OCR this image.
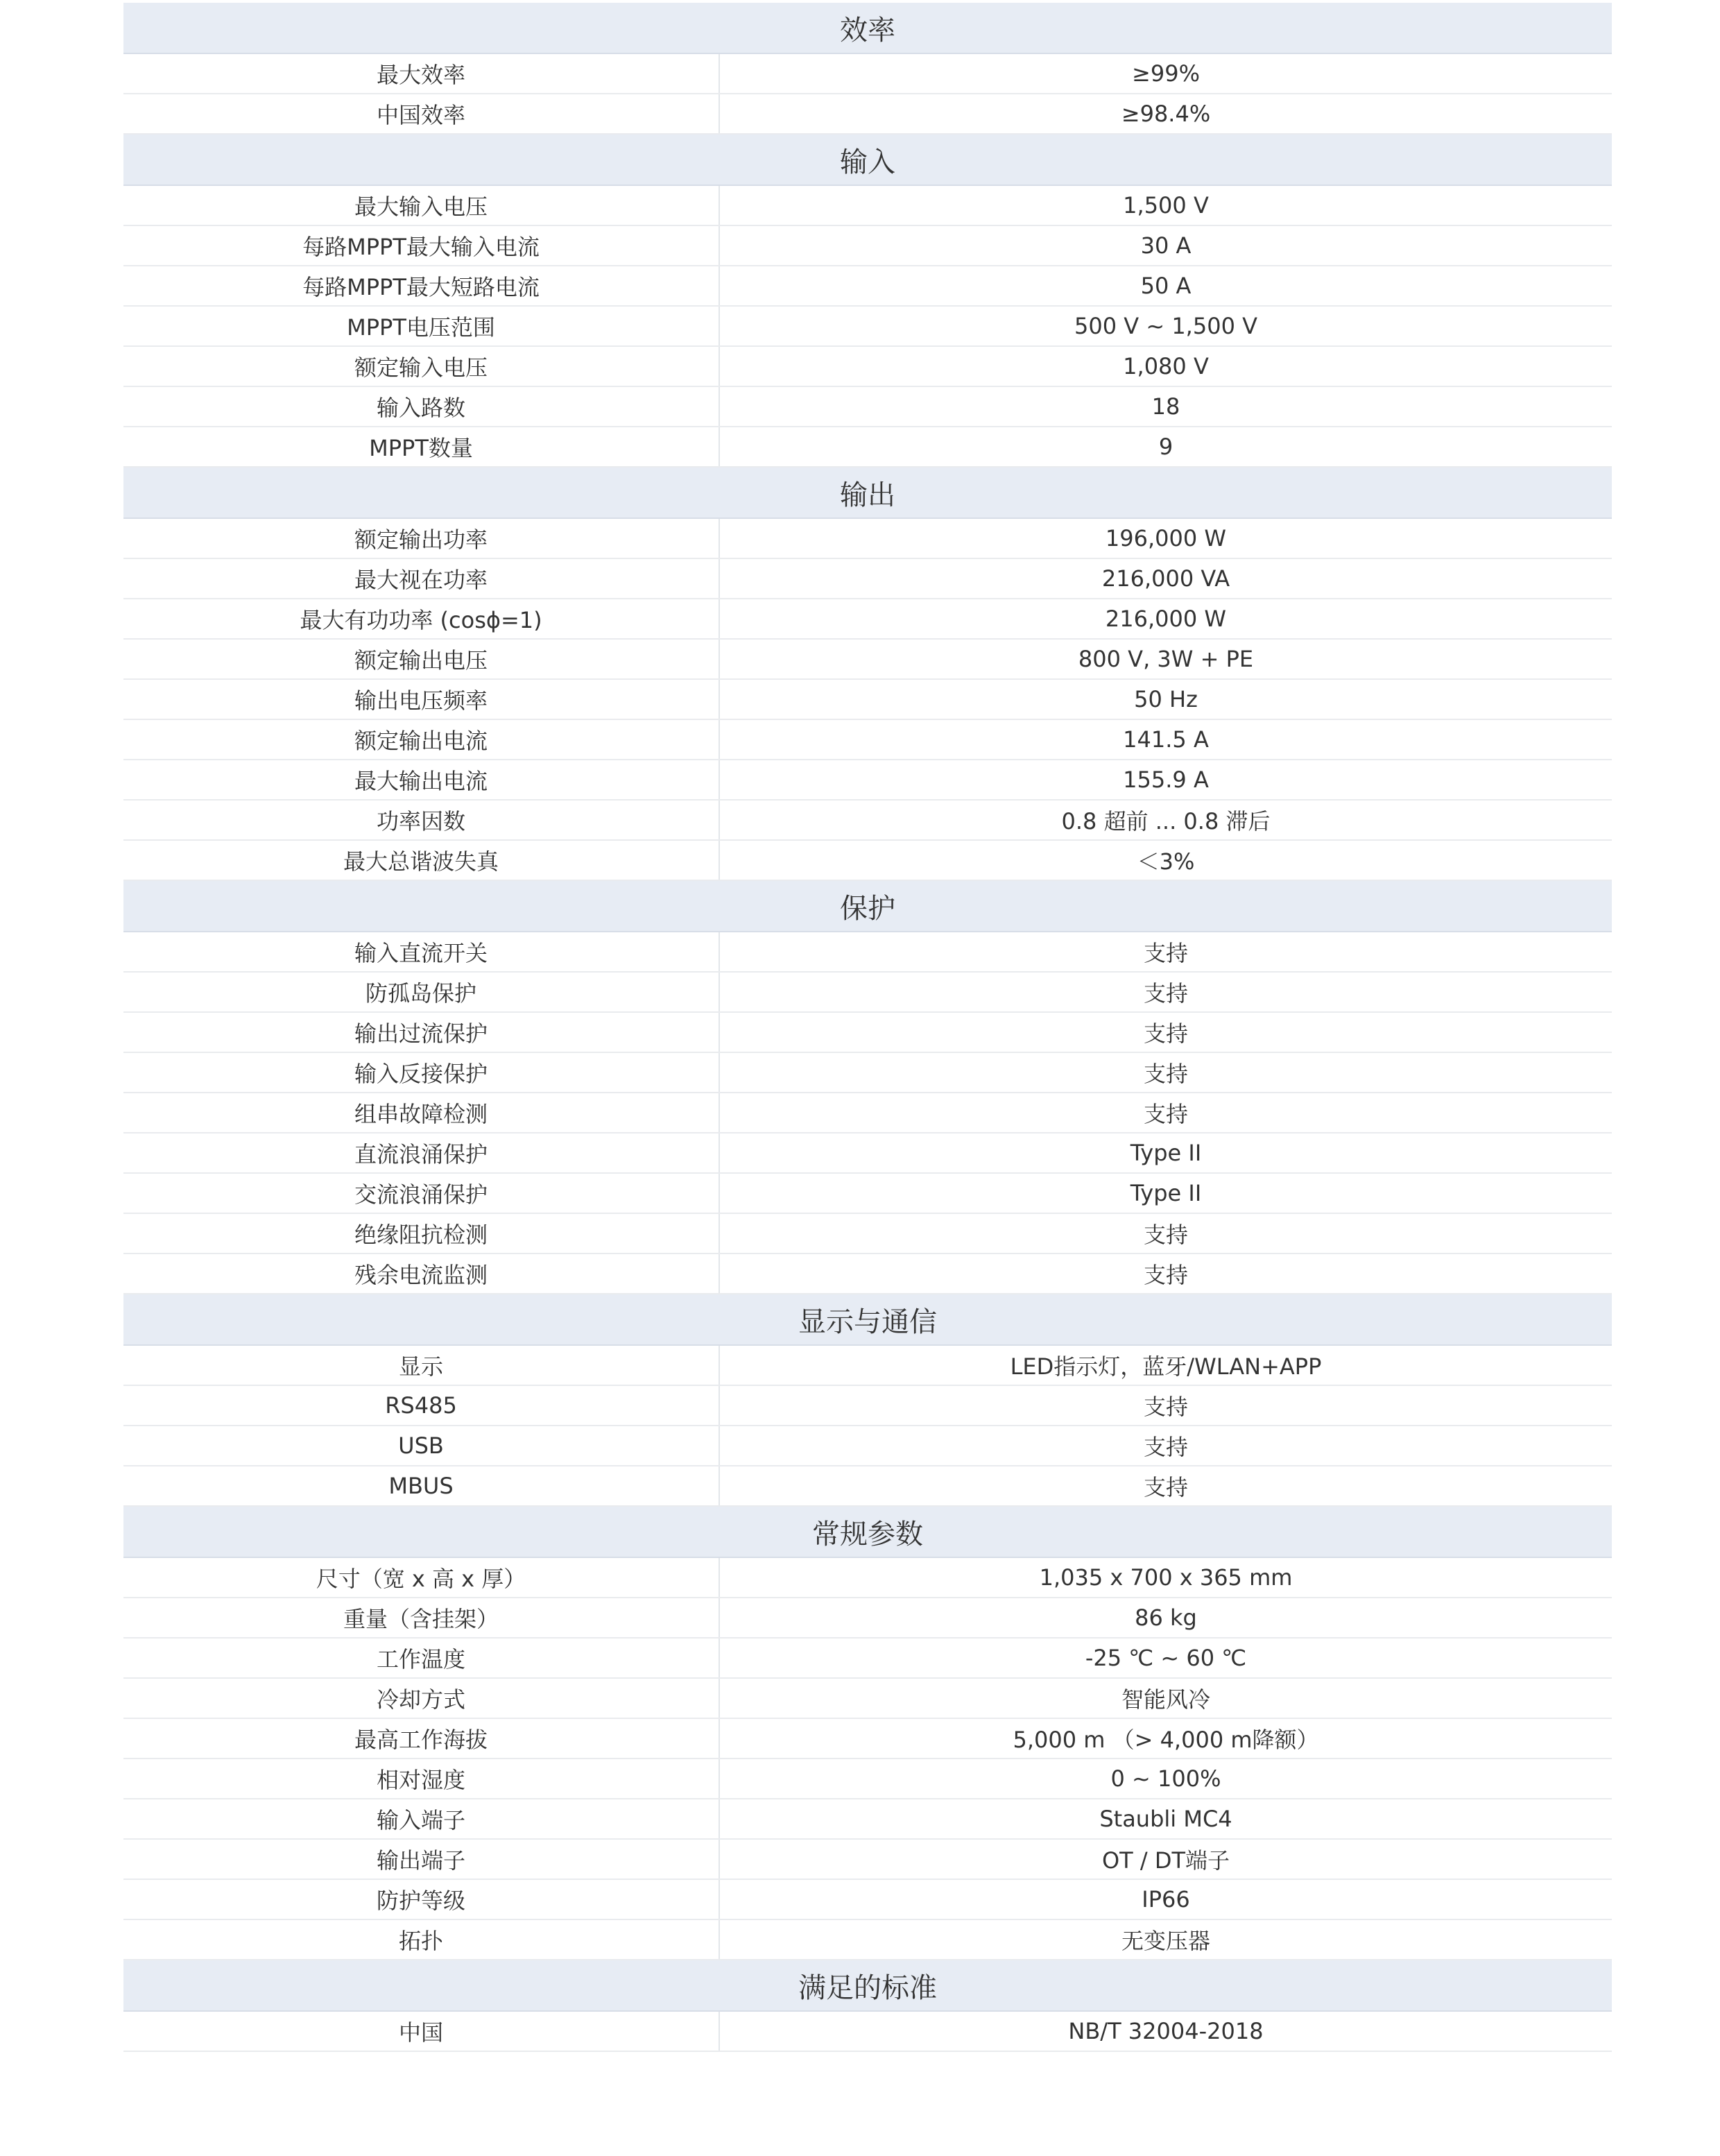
效率
最大效率	≥99%
中国效率	≥98.4%
输入
最大输入电压	1,500 V
每路MPPT最大输入电流	30 A
每路MPPT最大短路电流	50 A
MPPT电压范围	500 V ~ 1,500 V
额定输入电压	1,080 V
输入路数	18
MPPT数量	9
输出
额定输出功率	196,000 W
最大视在功率	216,000 VA
最大有功功率 (cosϕ=1)	216,000 W
额定输出电压	800 V, 3W + PE
输出电压频率	50 Hz
额定输出电流	141.5 A
最大输出电流	155.9 A
功率因数	0.8 超前 ... 0.8 滞后
最大总谐波失真	＜3%
保护
输入直流开关	支持
防孤岛保护	支持
输出过流保护	支持
输入反接保护	支持
组串故障检测	支持
直流浪涌保护	Type II
交流浪涌保护	Type II
绝缘阻抗检测	支持
残余电流监测	支持
显示与通信
显示	LED指示灯，蓝牙/WLAN+APP
RS485	支持
USB	支持
MBUS	支持
常规参数
尺寸（宽 x 高 x 厚）	1,035 x 700 x 365 mm
重量（含挂架）	86 kg
工作温度	-25 ℃ ~ 60 ℃
冷却方式	智能风冷
最高工作海拔	5,000 m （> 4,000 m降额）
相对湿度	0 ~ 100%
输入端子	Staubli MC4
输出端子	OT / DT端子
防护等级	IP66
拓扑	无变压器
满足的标准
中国	NB/T 32004-2018
